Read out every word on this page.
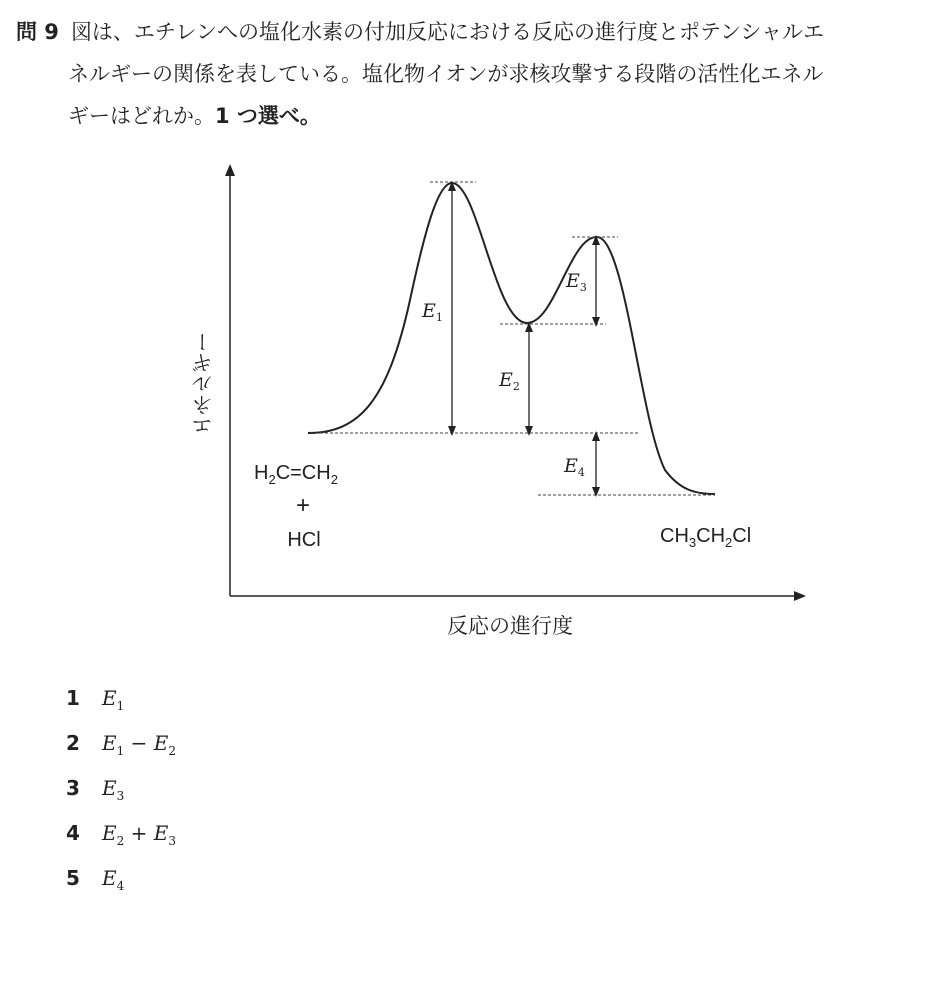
問 9 図は、エチレンへの塩化水素の付加反応における反応の進行度とポテンシャルエ
ネルギーの関係を表している。塩化物イオンが求核攻撃する段階の活性化エネル
ギーはどれか。1 つ選べ。
$E_1$
$E_2$
$E_3$
$E_4$
エネルギー
反応の進行度
$H_2C=CH_2$
+
HCl	$CH_3CH_2Cl$
1 $E_1$
2 $E_1 - E_2$
3 $E_3$
4 $E_2 + E_3$
5 $E_4$
